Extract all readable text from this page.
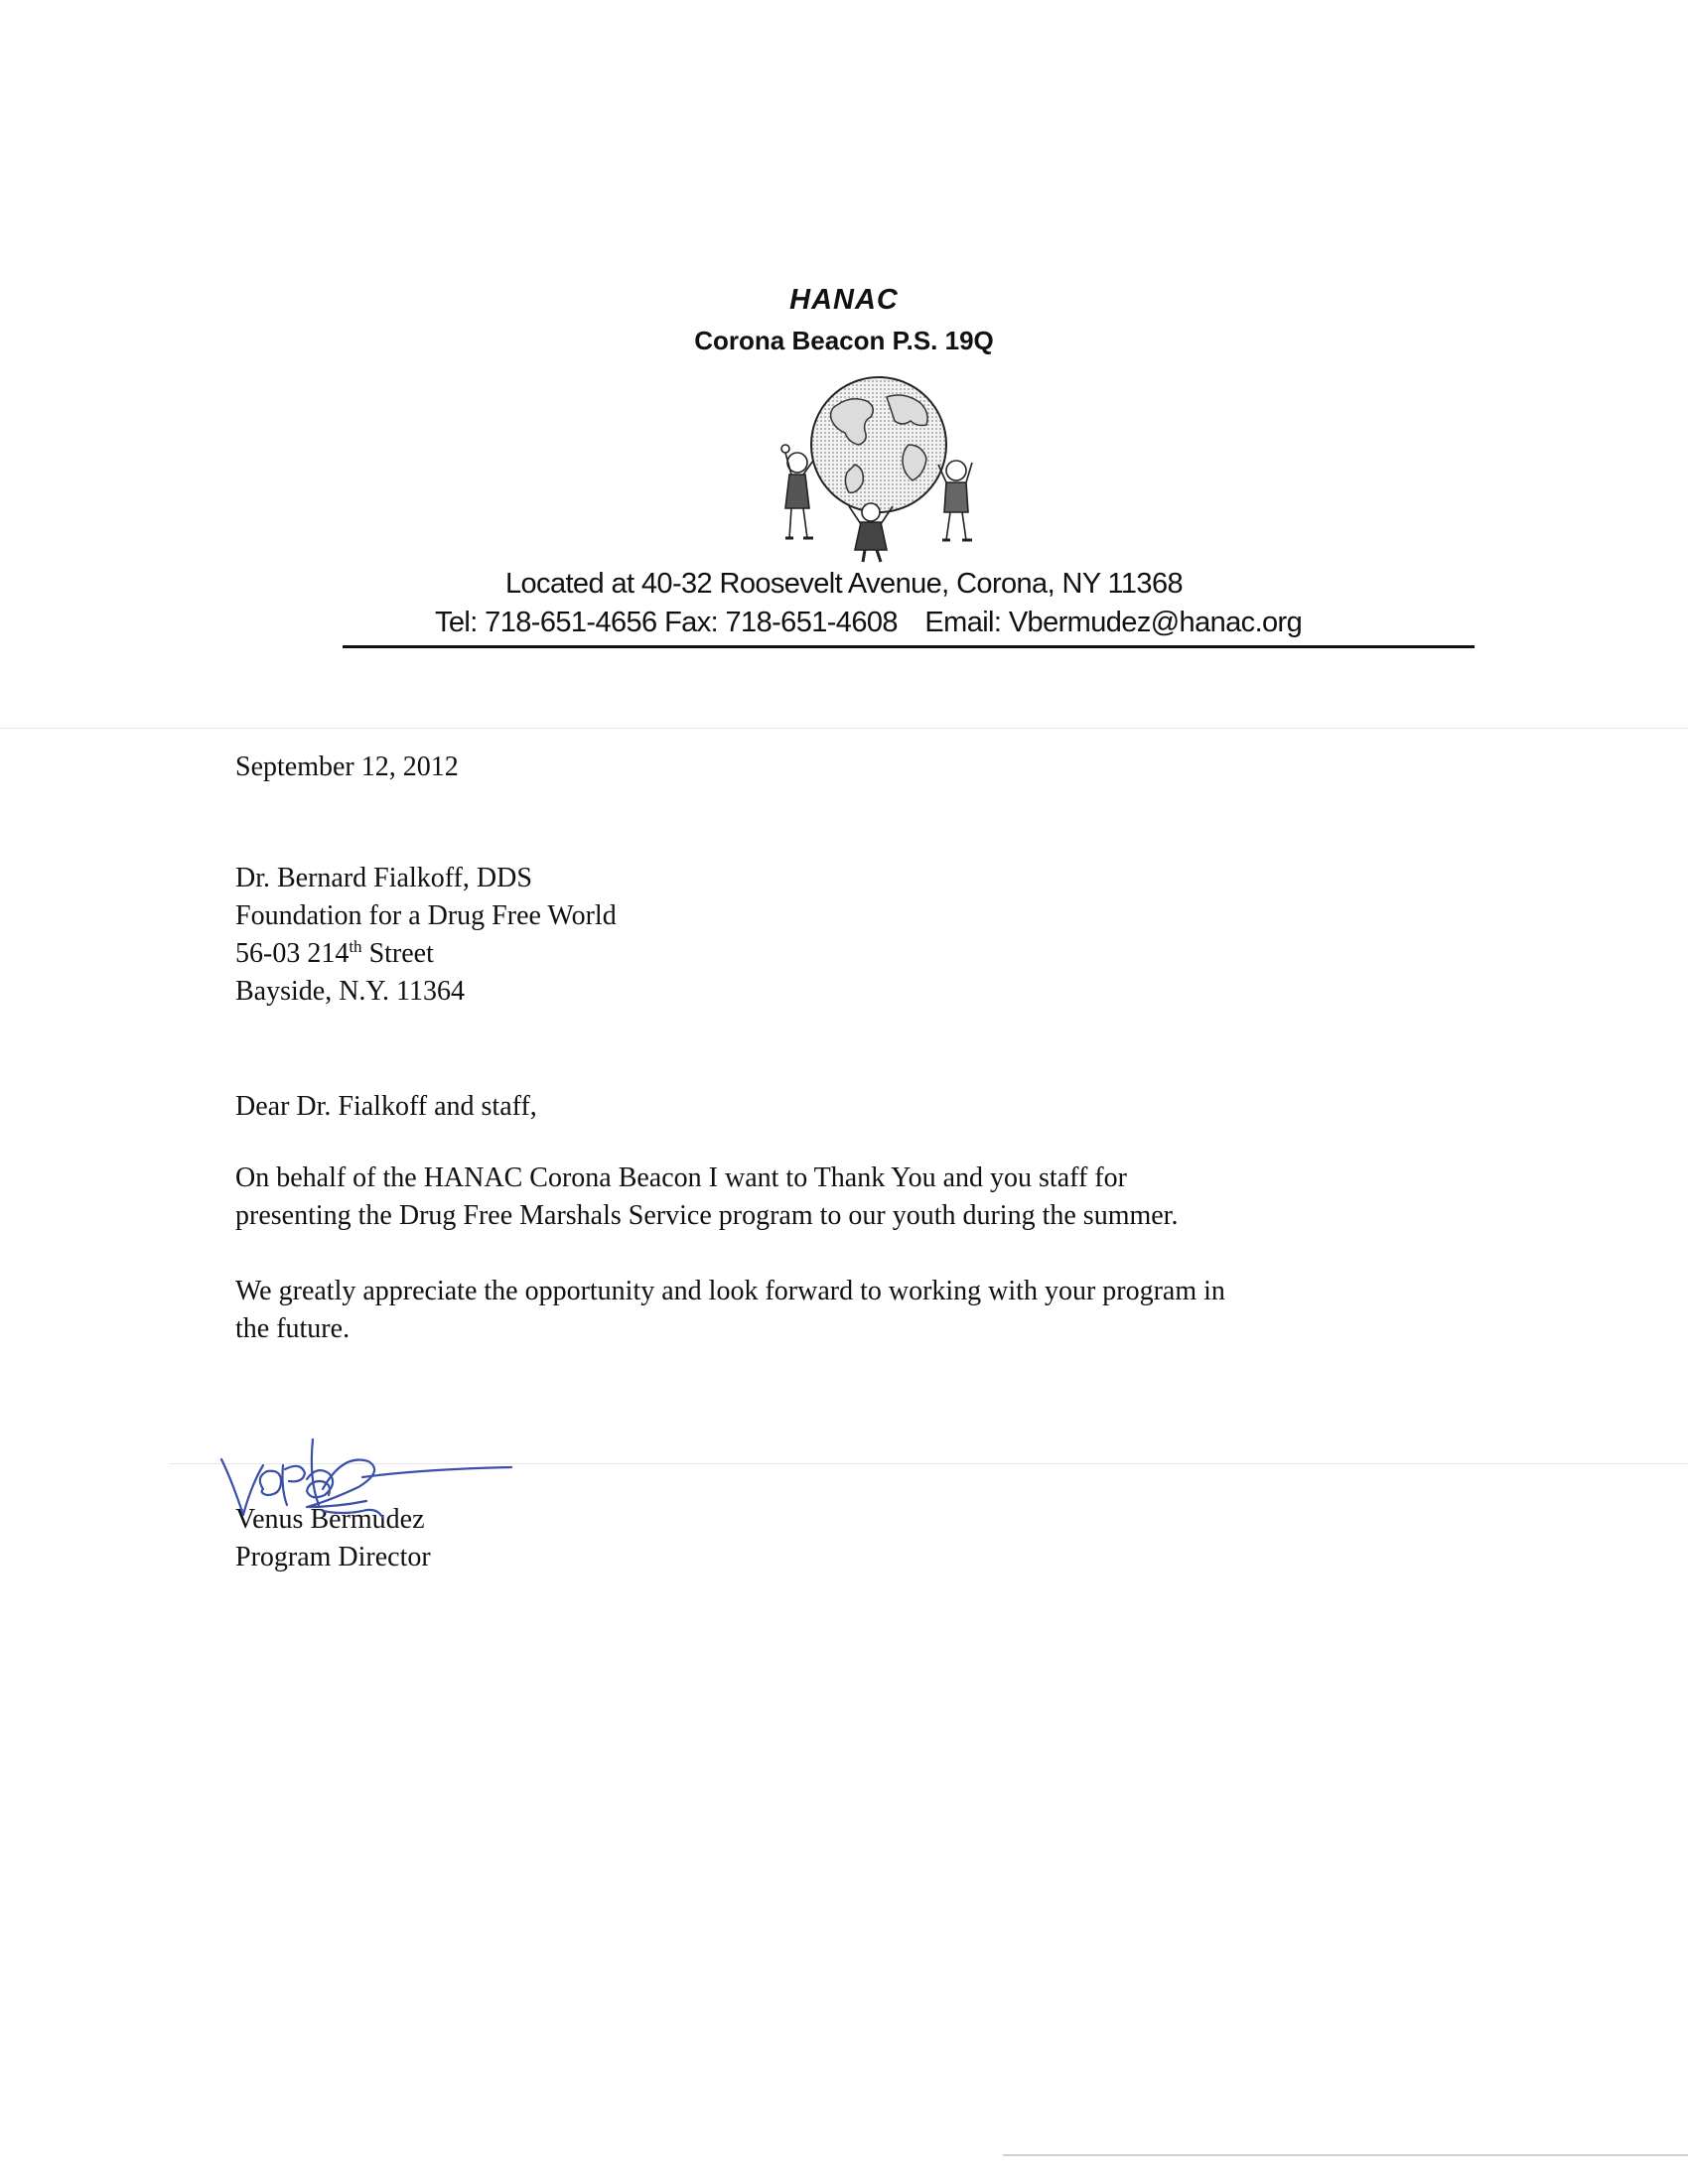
HANAC
Corona Beacon P.S. 19Q
Located at 40-32 Roosevelt Avenue, Corona, NY 11368
Tel: 718-651-4656 Fax: 718-651-4608 Email: Vbermudez@hanac.org
September 12, 2012
Dr. Bernard Fialkoff, DDS
Foundation for a Drug Free World
56-03 214th Street
Bayside, N.Y. 11364
Dear Dr. Fialkoff and staff,
On behalf of the HANAC Corona Beacon I want to Thank You and you staff for
presenting the Drug Free Marshals Service program to our youth during the summer.
We greatly appreciate the opportunity and look forward to working with your program in
the future.
Venus Bermudez
Program Director
